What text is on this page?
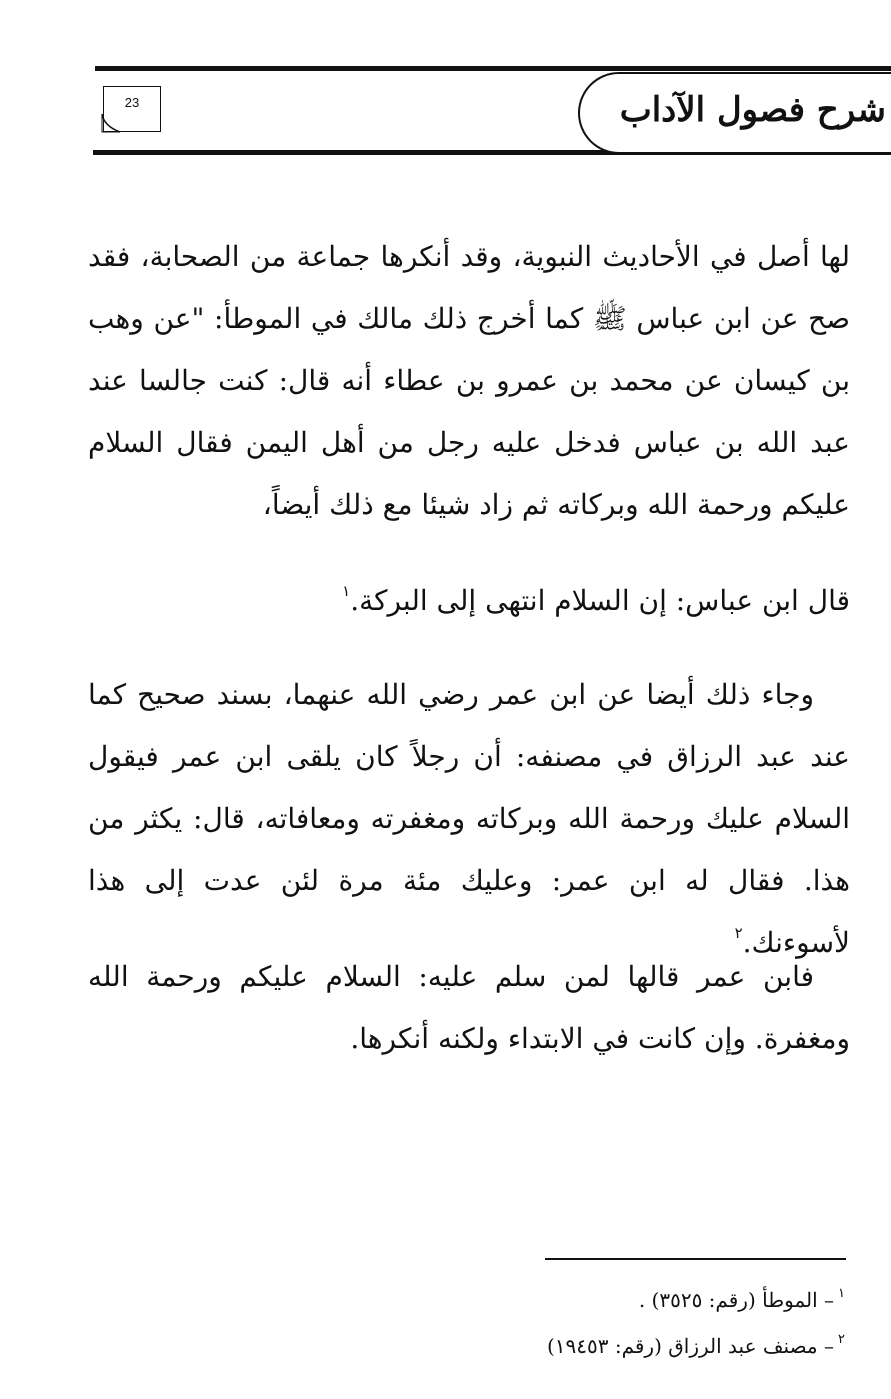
شرح فصول الآداب
23
لها أصل في الأحاديث النبوية، وقد أنكرها جماعة من الصحابة، فقد صح عن ابن عباس ﷺ كما أخرج ذلك مالك في الموطأ: "عن وهب بن كيسان عن محمد بن عمرو بن عطاء أنه قال: كنت جالسا عند عبد الله بن عباس فدخل عليه رجل من أهل اليمن فقال السلام عليكم ورحمة الله وبركاته ثم زاد شيئا مع ذلك أيضاً،
قال ابن عباس: إن السلام انتهى إلى البركة.$^١$
وجاء ذلك أيضا عن ابن عمر رضي الله عنهما، بسند صحيح كما عند عبد الرزاق في مصنفه: أن رجلاً كان يلقى ابن عمر فيقول السلام عليك ورحمة الله وبركاته ومغفرته ومعافاته، قال: يكثر من هذا. فقال له ابن عمر: وعليك مئة مرة لئن عدت إلى هذا لأسوءنك.$^٢$
فابن عمر قالها لمن سلم عليه: السلام عليكم ورحمة الله ومغفرة. وإن كانت في الابتداء ولكنه أنكرها.
$^١$– الموطأ (رقم: ٣٥٢٥) .
$^٢$– مصنف عبد الرزاق (رقم: ١٩٤٥٣)
